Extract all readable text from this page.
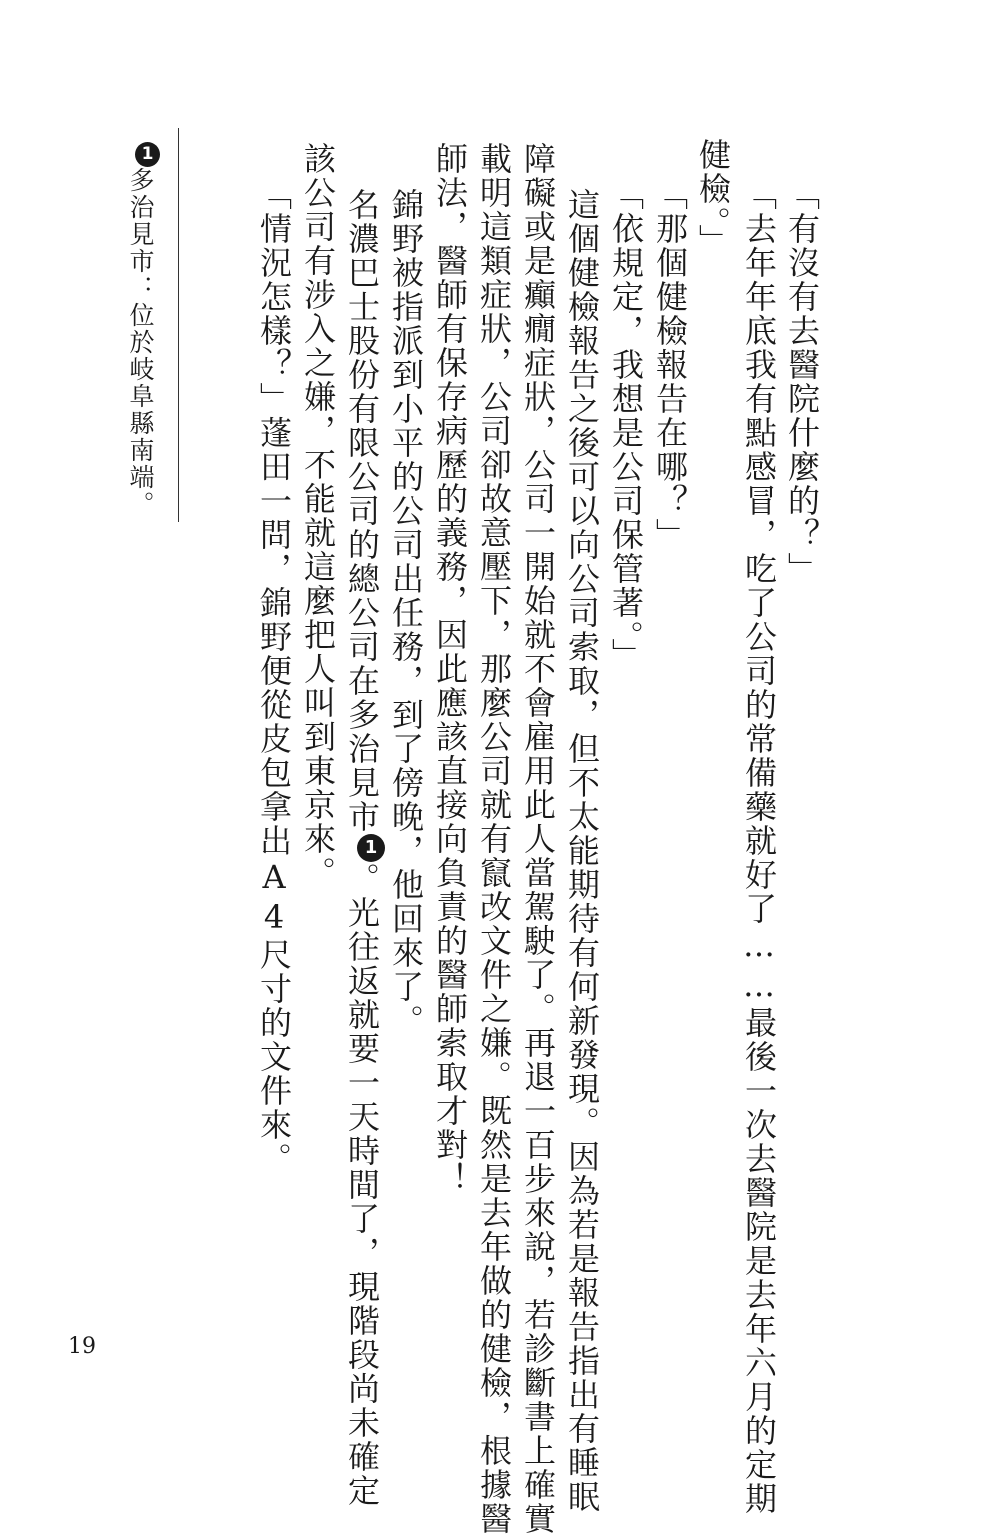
「有沒有去醫院什麼的？」

「去年年底我有點感冒，吃了公司的常備藥就好了……最後一次去醫院是去年六月的定期

健檢。」

「那個健檢報告在哪？」

「依規定，我想是公司保管著。」

這個健檢報告之後可以向公司索取，但不太能期待有何新發現。因為若是報告指出有睡眠

障礙或是癲癇症狀，公司一開始就不會雇用此人當駕駛了。再退一百步來說，若診斷書上確實

載明這類症狀，公司卻故意壓下，那麼公司就有竄改文件之嫌。既然是去年做的健檢，根據醫

師法，醫師有保存病歷的義務，因此應該直接向負責的醫師索取才對！

錦野被指派到小平的公司出任務，到了傍晚，他回來了。

名濃巴士股份有限公司的總公司在多治見市1。光往返就要一天時間了，現階段尚未確定

該公司有涉入之嫌，不能就這麼把人叫到東京來。

「情況怎樣？」蓬田一問，錦野便從皮包拿出A4尺寸的文件來。

1多治見市：位於岐阜縣南端。
19
